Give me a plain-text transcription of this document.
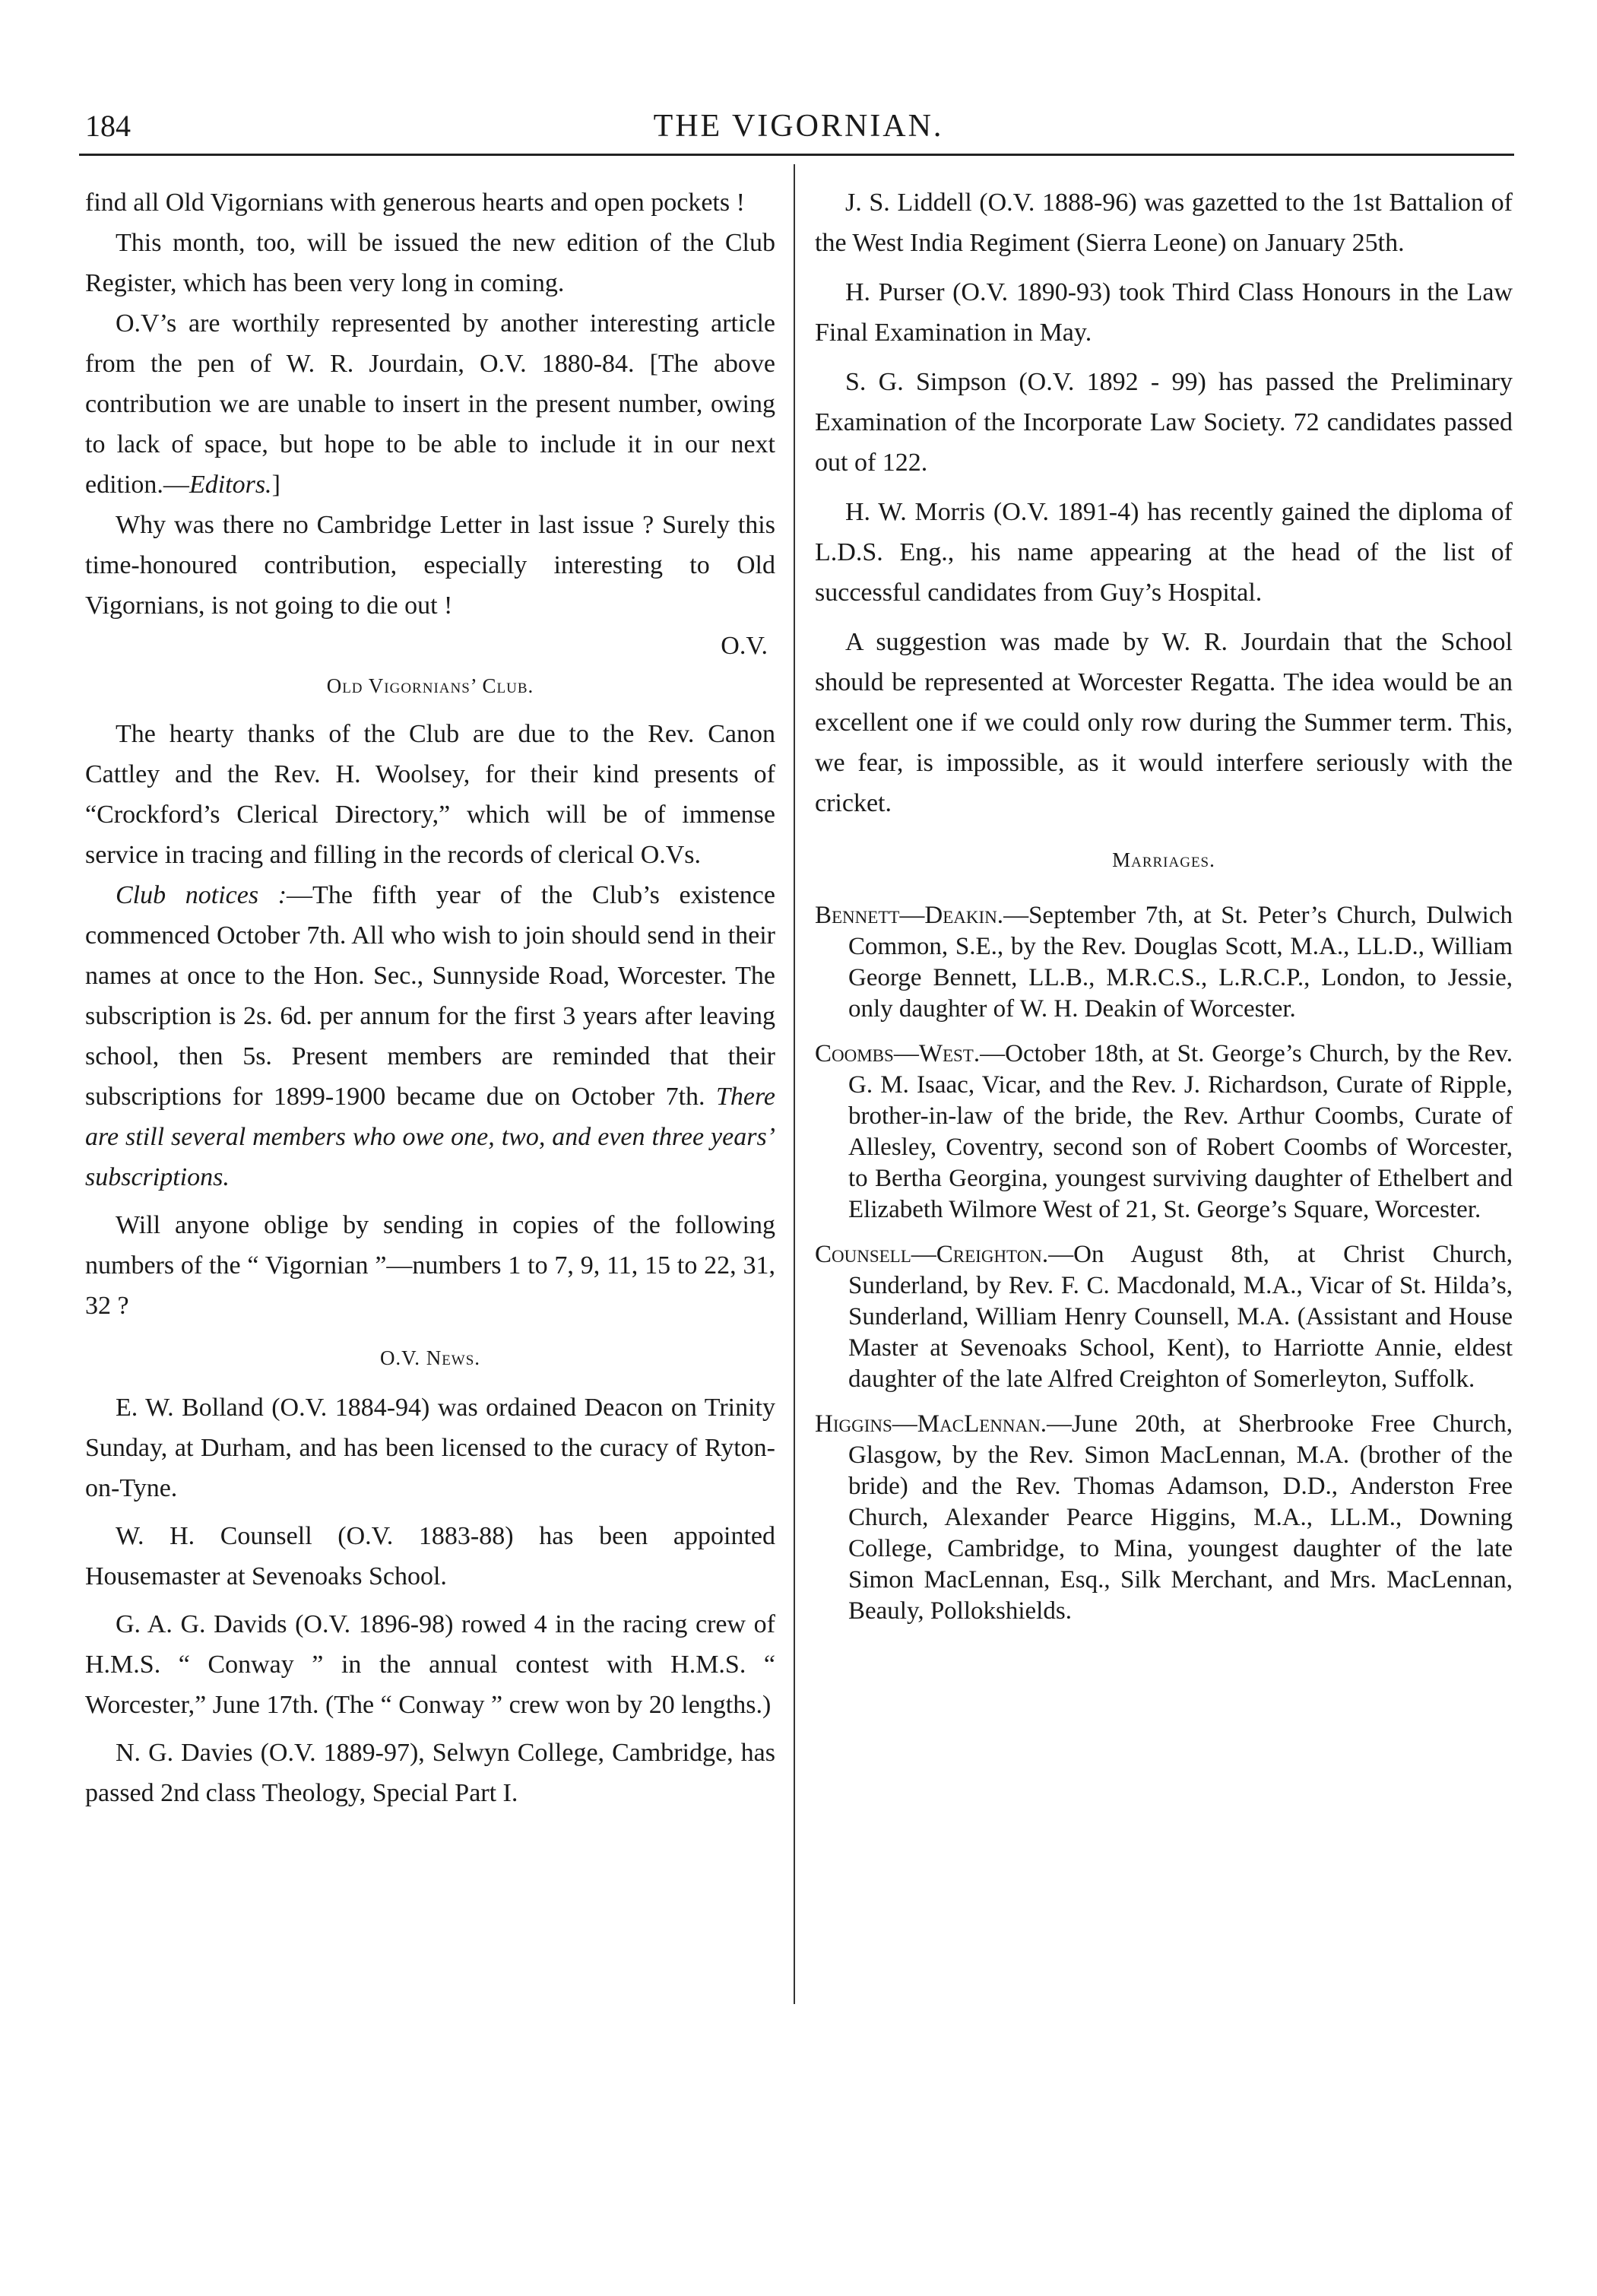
184	THE VIGORNIAN.

find all Old Vigornians with generous hearts and open pockets !

This month, too, will be issued the new edition of the Club Register, which has been very long in coming.

O.V’s are worthily represented by another interesting article from the pen of W. R. Jourdain, O.V. 1880-84. [The above contribution we are unable to insert in the present number, owing to lack of space, but hope to be able to include it in our next edition.—Editors.]

Why was there no Cambridge Letter in last issue ? Surely this time-honoured contribution, especially interesting to Old Vigornians, is not going to die out !

O.V.
Old Vigornians’ Club.

The hearty thanks of the Club are due to the Rev. Canon Cattley and the Rev. H. Woolsey, for their kind presents of “Crockford’s Clerical Directory,” which will be of immense service in tracing and filling in the records of clerical O.Vs.

Club notices :—The fifth year of the Club’s existence commenced October 7th. All who wish to join should send in their names at once to the Hon. Sec., Sunnyside Road, Worcester. The subscription is 2s. 6d. per annum for the first 3 years after leaving school, then 5s. Present members are reminded that their subscriptions for 1899-1900 became due on October 7th. There are still several members who owe one, two, and even three years’ subscriptions.

Will anyone oblige by sending in copies of the following numbers of the “ Vigornian ”—numbers 1 to 7, 9, 11, 15 to 22, 31, 32 ?

O.V. News.

E. W. Bolland (O.V. 1884-94) was ordained Deacon on Trinity Sunday, at Durham, and has been licensed to the curacy of Ryton-on-Tyne.

W. H. Counsell (O.V. 1883-88) has been appointed Housemaster at Sevenoaks School.

G. A. G. Davids (O.V. 1896-98) rowed 4 in the racing crew of H.M.S. “ Conway ” in the annual contest with H.M.S. “ Worcester,” June 17th. (The “ Conway ” crew won by 20 lengths.)

N. G. Davies (O.V. 1889-97), Selwyn College, Cambridge, has passed 2nd class Theology, Special Part I.

J. S. Liddell (O.V. 1888-96) was gazetted to the 1st Battalion of the West India Regiment (Sierra Leone) on January 25th.

H. Purser (O.V. 1890-93) took Third Class Honours in the Law Final Examination in May.

S. G. Simpson (O.V. 1892 - 99) has passed the Preliminary Examination of the Incorporate Law Society. 72 candidates passed out of 122.

H. W. Morris (O.V. 1891-4) has recently gained the diploma of L.D.S. Eng., his name appearing at the head of the list of successful candidates from Guy’s Hospital.

A suggestion was made by W. R. Jourdain that the School should be represented at Worcester Regatta. The idea would be an excellent one if we could only row during the Summer term. This, we fear, is impossible, as it would interfere seriously with the cricket.

Marriages.
Bennett—Deakin.—September 7th, at St. Peter’s Church, Dulwich Common, S.E., by the Rev. Douglas Scott, M.A., LL.D., William George Bennett, LL.B., M.R.C.S., L.R.C.P., London, to Jessie, only daughter of W. H. Deakin of Worcester.
Coombs—West.—October 18th, at St. George’s Church, by the Rev. G. M. Isaac, Vicar, and the Rev. J. Richardson, Curate of Ripple, brother-in-law of the bride, the Rev. Arthur Coombs, Curate of Allesley, Coventry, second son of Robert Coombs of Worcester, to Bertha Georgina, youngest surviving daughter of Ethelbert and Elizabeth Wilmore West of 21, St. George’s Square, Worcester.
Counsell—Creighton.—On August 8th, at Christ Church, Sunderland, by Rev. F. C. Macdonald, M.A., Vicar of St. Hilda’s, Sunderland, William Henry Counsell, M.A. (Assistant and House Master at Sevenoaks School, Kent), to Harriotte Annie, eldest daughter of the late Alfred Creighton of Somerleyton, Suffolk.
Higgins—MacLennan.—June 20th, at Sherbrooke Free Church, Glasgow, by the Rev. Simon MacLennan, M.A. (brother of the bride) and the Rev. Thomas Adamson, D.D., Anderston Free Church, Alexander Pearce Higgins, M.A., LL.M., Downing College, Cambridge, to Mina, youngest daughter of the late Simon MacLennan, Esq., Silk Merchant, and Mrs. MacLennan, Beauly, Pollokshields.
